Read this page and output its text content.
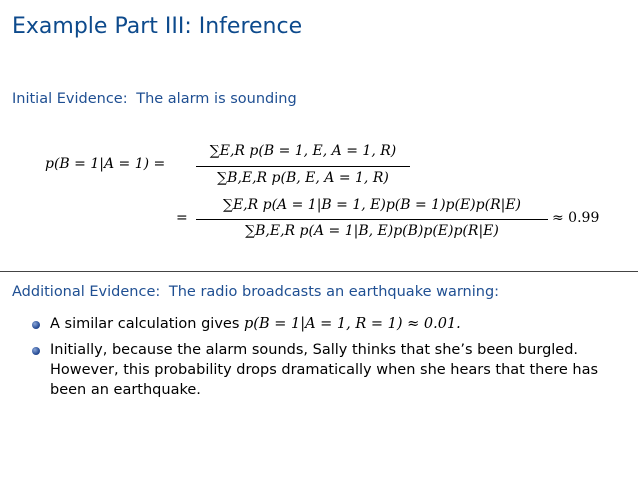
Example Part III: Inference
Initial Evidence: The alarm is sounding
p(B = 1|A = 1) =
∑E,R p(B = 1, E, A = 1, R)
∑B,E,R p(B, E, A = 1, R)
=
∑E,R p(A = 1|B = 1, E)p(B = 1)p(E)p(R|E)
∑B,E,R p(A = 1|B, E)p(B)p(E)p(R|E)
≈ 0.99
Additional Evidence: The radio broadcasts an earthquake warning:
A similar calculation gives p(B = 1|A = 1, R = 1) ≈ 0.01.
Initially, because the alarm sounds, Sally thinks that she’s been burgled. However, this probability drops dramatically when she hears that there has been an earthquake.
